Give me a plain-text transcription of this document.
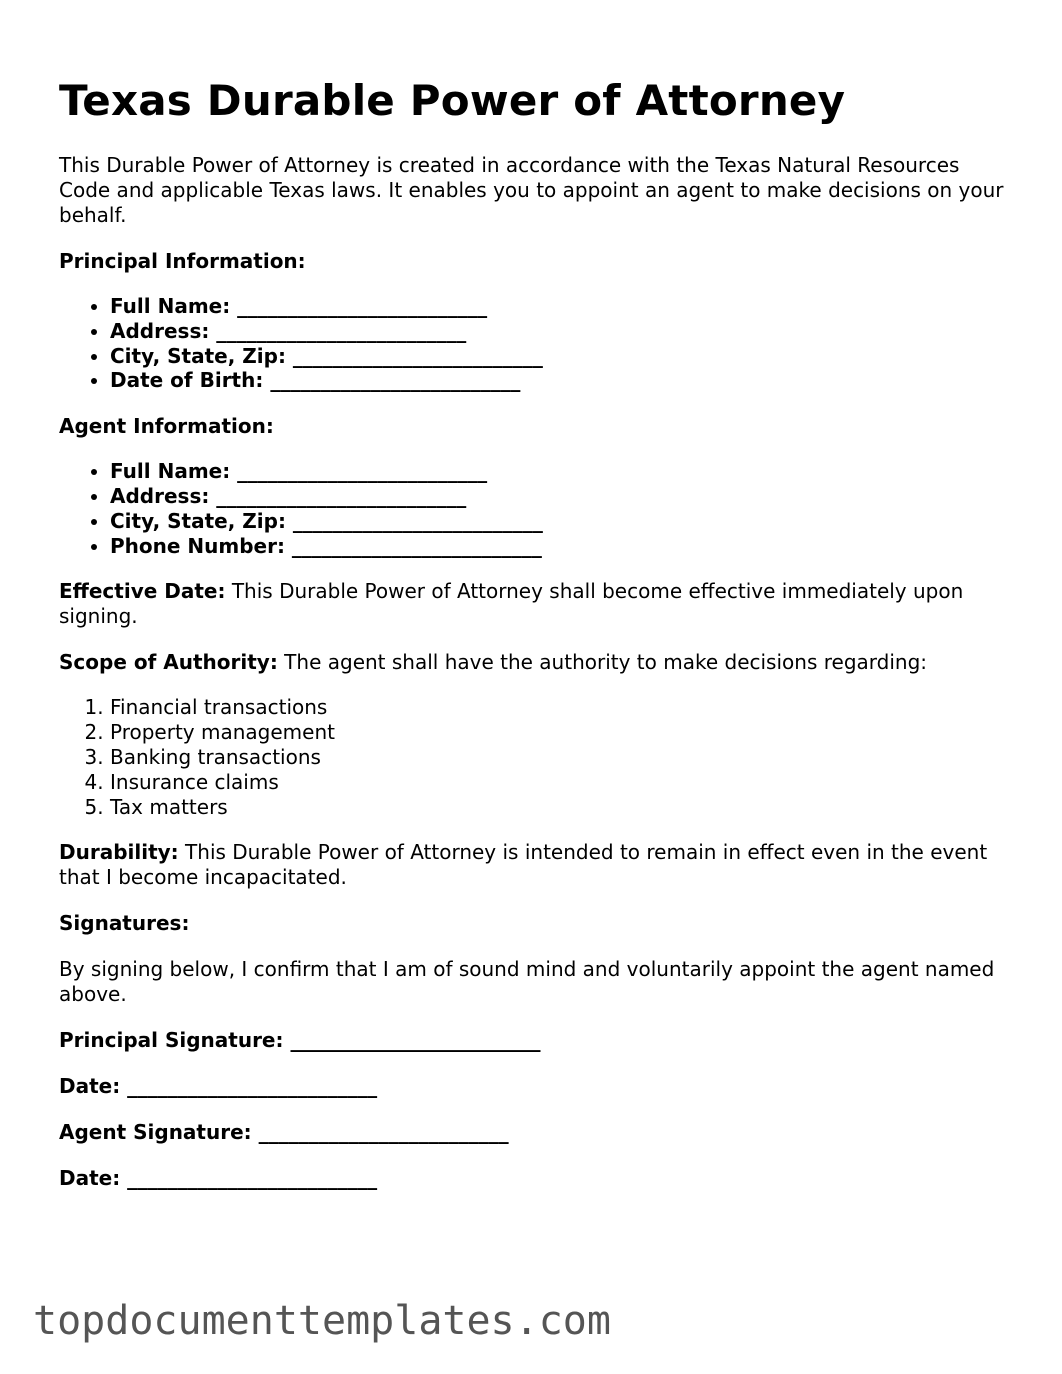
Texas Durable Power of Attorney

This Durable Power of Attorney is created in accordance with the Texas Natural Resources Code and applicable Texas laws. It enables you to appoint an agent to make decisions on your behalf.

Principal Information:

• Full Name: _________________________
• Address: _________________________
• City, State, Zip: _________________________
• Date of Birth: _________________________

Agent Information:

• Full Name: _________________________
• Address: _________________________
• City, State, Zip: _________________________
• Phone Number: _________________________

Effective Date: This Durable Power of Attorney shall become effective immediately upon signing.

Scope of Authority: The agent shall have the authority to make decisions regarding:

1. Financial transactions
2. Property management
3. Banking transactions
4. Insurance claims
5. Tax matters

Durability: This Durable Power of Attorney is intended to remain in effect even in the event that I become incapacitated.

Signatures:

By signing below, I confirm that I am of sound mind and voluntarily appoint the agent named above.

Principal Signature: _________________________

Date: _________________________

Agent Signature: _________________________

Date: _________________________

topdocumenttemplates.com
